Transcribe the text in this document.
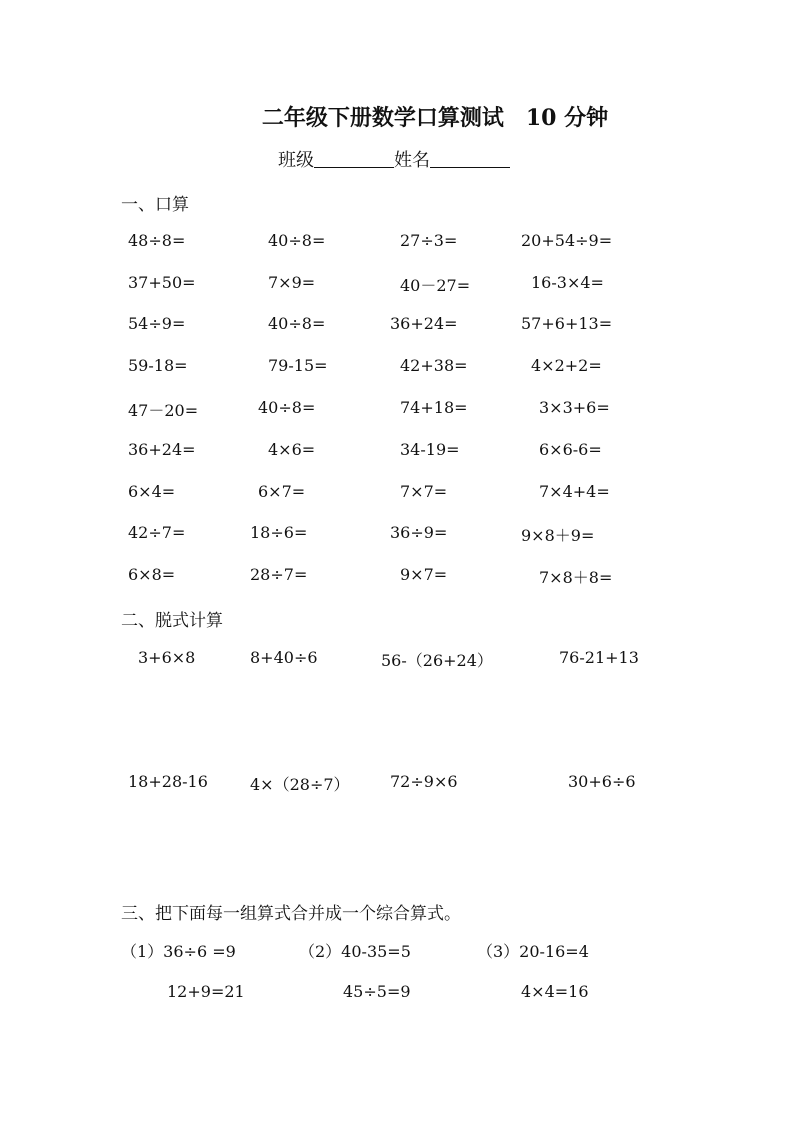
二年级下册数学口算测试　10 分钟
班级	姓名
一、口算
48÷8=	40÷8=	27÷3=	20+54÷9=
37+50=	7×9=	40－27=	16-3×4=
54÷9=	40÷8=	36+24=	57+6+13=
59-18=	79-15=	42+38=	4×2+2=
47－20=	40÷8=	74+18=	3×3+6=
36+24=	4×6=	34-19=	6×6-6=
6×4=	6×7=	7×7=	7×4+4=
42÷7=	18÷6=	36÷9=	9×8＋9=
6×8=	28÷7=	9×7=	7×8＋8=
二、脱式计算
3+6×8	8+40÷6	56-（26+24）	76-21+13
18+28-16	4×（28÷7）	72÷9×6	30+6÷6
三、把下面每一组算式合并成一个综合算式。
（1）36÷6 =9	（2）40-35=5	（3）20-16=4
12+9=21	45÷5=9	4×4=16
